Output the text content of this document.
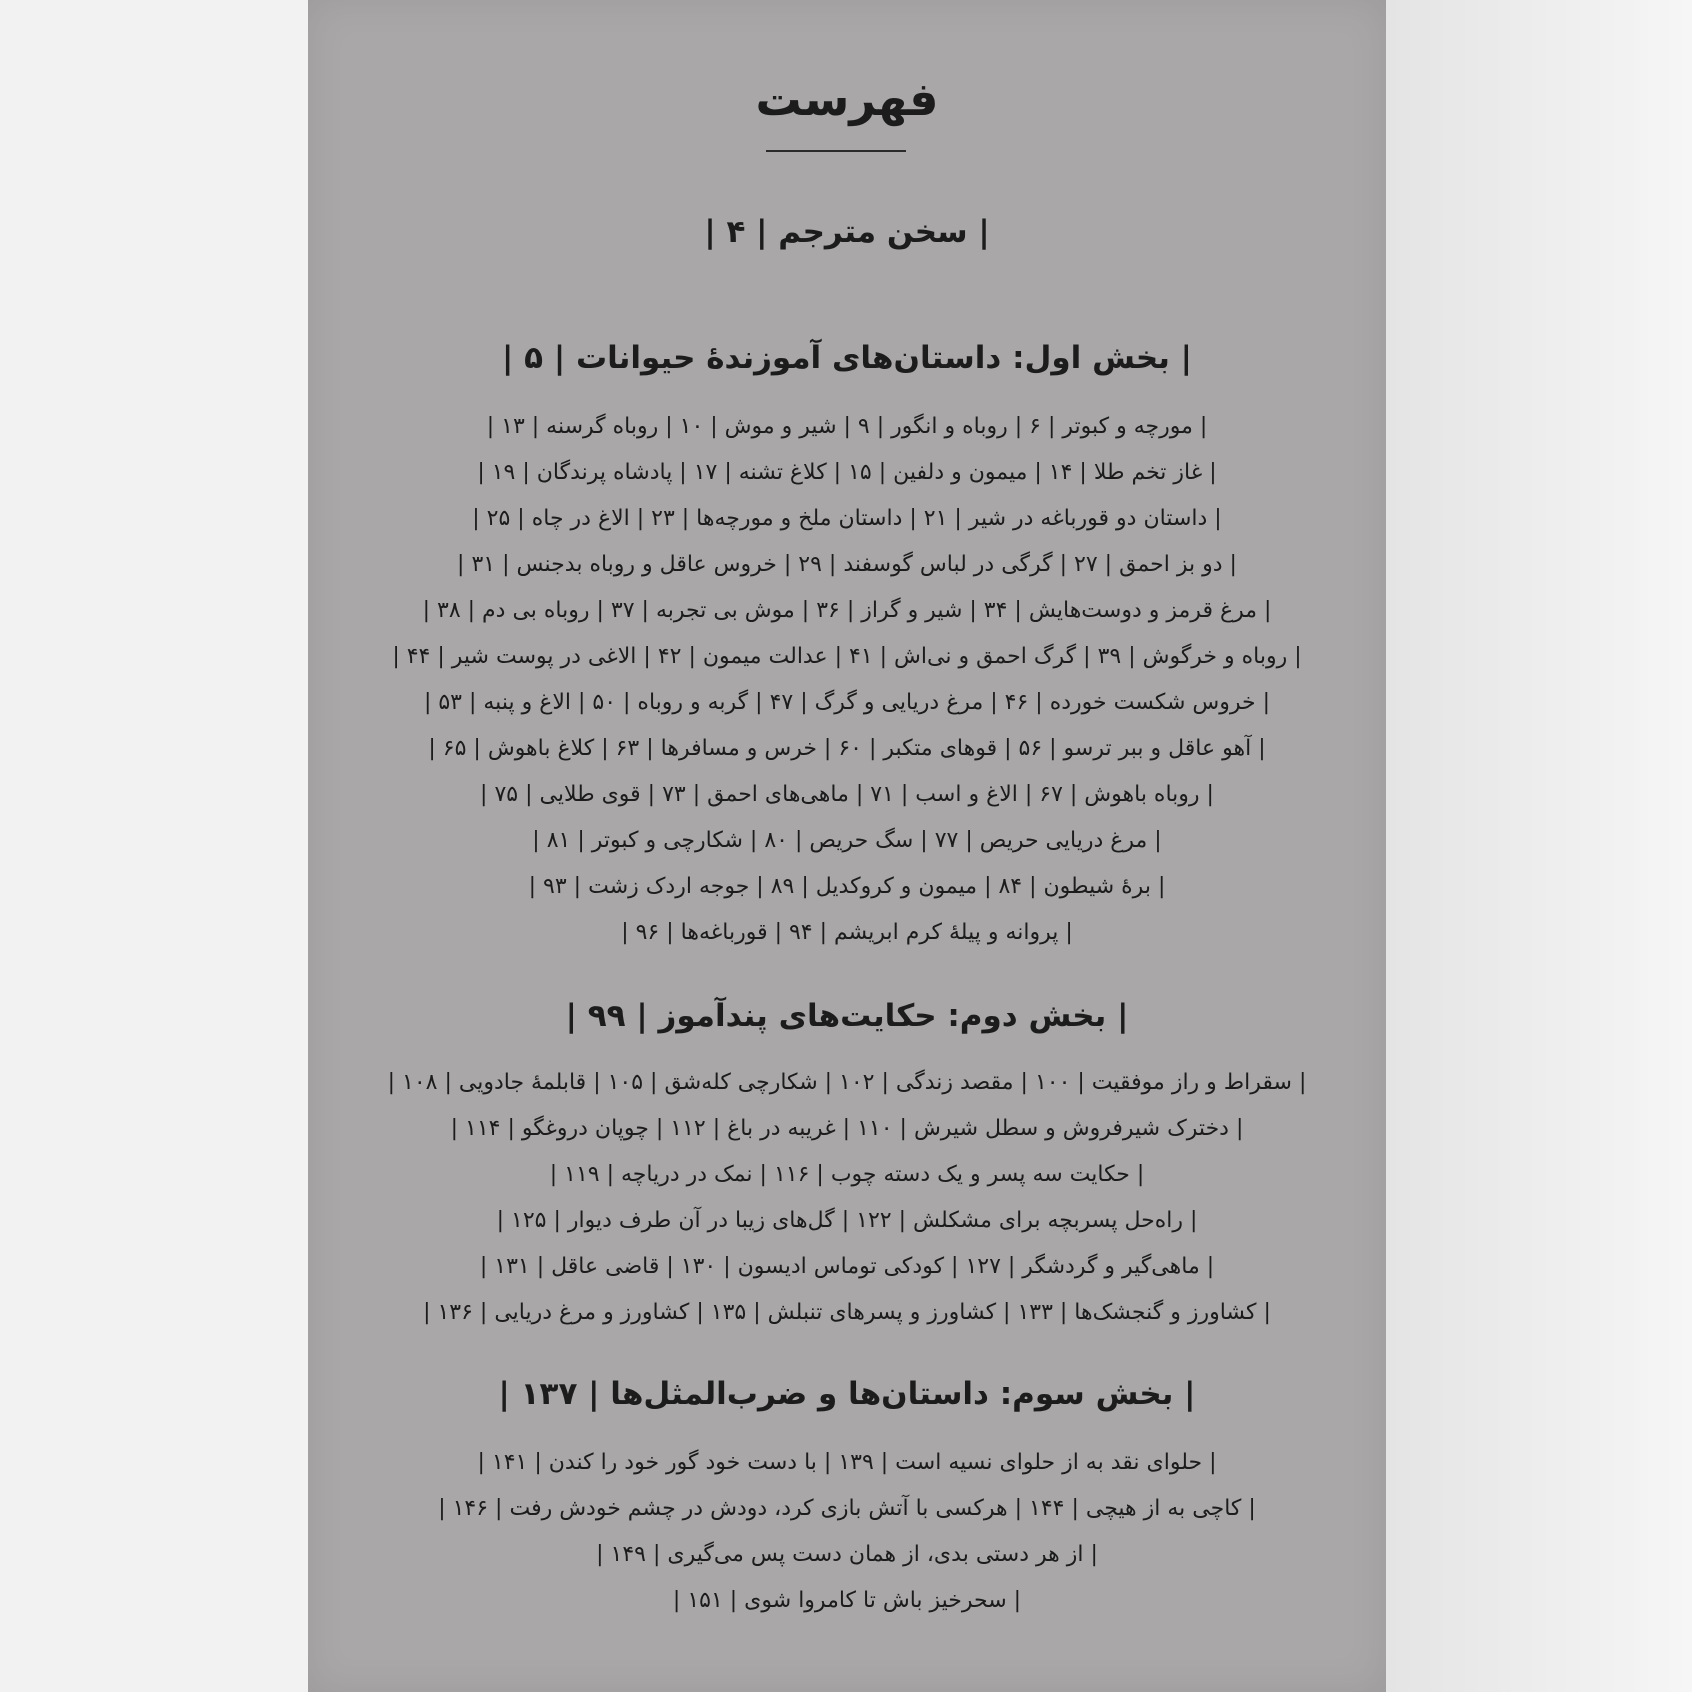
فهرست
| سخن مترجم | ۴ |
| بخش اول: داستان‌های آموزندهٔ حیوانات | ۵ |
| مورچه و کبوتر | ۶ | روباه و انگور | ۹ | شیر و موش | ۱۰ | روباه گرسنه | ۱۳ |
| غاز تخم طلا | ۱۴ | میمون و دلفین | ۱۵ | کلاغ تشنه | ۱۷ | پادشاه پرندگان | ۱۹ |
| داستان دو قورباغه در شیر | ۲۱ | داستان ملخ و مورچه‌ها | ۲۳ | الاغ در چاه | ۲۵ |
| دو بز احمق | ۲۷ | گرگی در لباس گوسفند | ۲۹ | خروس عاقل و روباه بدجنس | ۳۱ |
| مرغ قرمز و دوست‌هایش | ۳۴ | شیر و گراز | ۳۶ | موش بی تجربه | ۳۷ | روباه بی دم | ۳۸ |
| روباه و خرگوش | ۳۹ | گرگ احمق و نی‌اش | ۴۱ | عدالت میمون | ۴۲ | الاغی در پوست شیر | ۴۴ |
| خروس شکست خورده | ۴۶ | مرغ دریایی و گرگ | ۴۷ | گربه و روباه | ۵۰ | الاغ و پنبه | ۵۳ |
| آهو عاقل و ببر ترسو | ۵۶ | قوهای متکبر | ۶۰ | خرس و مسافرها | ۶۳ | کلاغ باهوش | ۶۵ |
| روباه باهوش | ۶۷ | الاغ و اسب | ۷۱ | ماهی‌های احمق | ۷۳ | قوی طلایی | ۷۵ |
| مرغ دریایی حریص | ۷۷ | سگ حریص | ۸۰ | شکارچی و کبوتر | ۸۱ |
| برهٔ شیطون | ۸۴ | میمون و کروکدیل | ۸۹ | جوجه اردک زشت | ۹۳ |
| پروانه و پیلهٔ کرم ابریشم | ۹۴ | قورباغه‌ها | ۹۶ |
| بخش دوم: حکایت‌های پندآموز | ۹۹ |
| سقراط و راز موفقیت | ۱۰۰ | مقصد زندگی | ۱۰۲ | شکارچی کله‌شق | ۱۰۵ | قابلمهٔ جادویی | ۱۰۸ |
| دخترک شیرفروش و سطل شیرش | ۱۱۰ | غریبه در باغ | ۱۱۲ | چوپان دروغگو | ۱۱۴ |
| حکایت سه پسر و یک دسته چوب | ۱۱۶ | نمک در دریاچه | ۱۱۹ |
| راه‌حل پسربچه برای مشکلش | ۱۲۲ | گل‌های زیبا در آن طرف دیوار | ۱۲۵ |
| ماهی‌گیر و گردشگر | ۱۲۷ | کودکی توماس ادیسون | ۱۳۰ | قاضی عاقل | ۱۳۱ |
| کشاورز و گنجشک‌ها | ۱۳۳ | کشاورز و پسرهای تنبلش | ۱۳۵ | کشاورز و مرغ دریایی | ۱۳۶ |
| بخش سوم: داستان‌ها و ضرب‌المثل‌ها | ۱۳۷ |
| حلوای نقد به از حلوای نسیه است | ۱۳۹ | با دست خود گور خود را کندن | ۱۴۱ |
| کاچی به از هیچی | ۱۴۴ | هرکسی با آتش بازی کرد، دودش در چشم خودش رفت | ۱۴۶ |
| از هر دستی بدی، از همان دست پس می‌گیری | ۱۴۹ |
| سحرخیز باش تا کامروا شوی | ۱۵۱ |
